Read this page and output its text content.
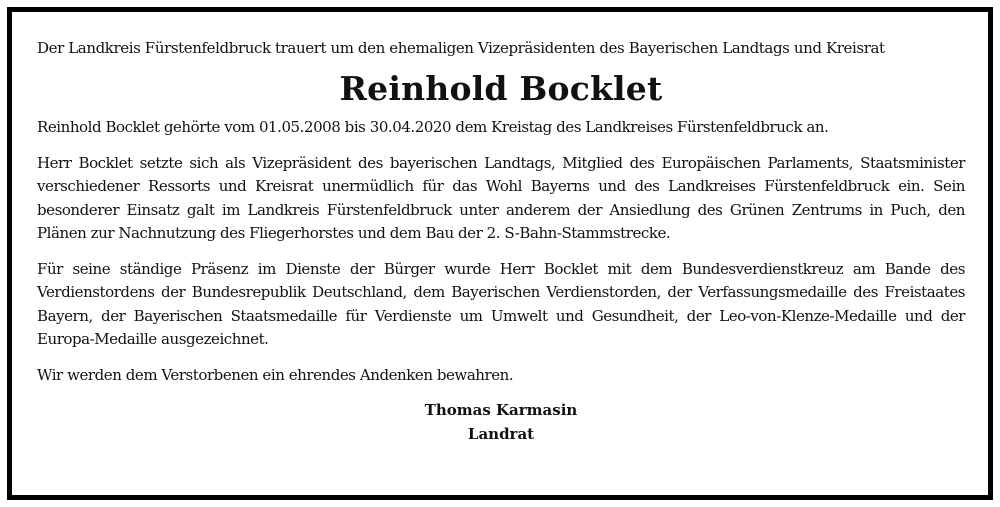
Der Landkreis Fürstenfeldbruck trauert um den ehemaligen Vizepräsidenten des Bayerischen Landtags und Kreisrat

Reinhold Bocklet

Reinhold Bocklet gehörte vom 01.05.2008 bis 30.04.2020 dem Kreistag des Landkreises Fürstenfeldbruck an.

Herr Bocklet setzte sich als Vizepräsident des bayerischen Landtags, Mitglied des Europäischen Parlaments, Staatsminister verschiedener Ressorts und Kreisrat unermüdlich für das Wohl Bayerns und des Landkreises Fürstenfeldbruck ein. Sein besonderer Einsatz galt im Landkreis Fürstenfeldbruck unter anderem der Ansiedlung des Grünen Zentrums in Puch, den Plänen zur Nachnutzung des Fliegerhorstes und dem Bau der 2. S-Bahn-Stammstrecke.

Für seine ständige Präsenz im Dienste der Bürger wurde Herr Bocklet mit dem Bundesverdienstkreuz am Bande des Verdienstordens der Bundesrepublik Deutschland, dem Bayerischen Verdienstorden, der Verfassungsmedaille des Freistaates Bayern, der Bayerischen Staatsmedaille für Verdienste um Umwelt und Gesundheit, der Leo-von-Klenze-Medaille und der Europa-Medaille ausgezeichnet.

Wir werden dem Verstorbenen ein ehrendes Andenken bewahren.

Thomas Karmasin
Landrat
